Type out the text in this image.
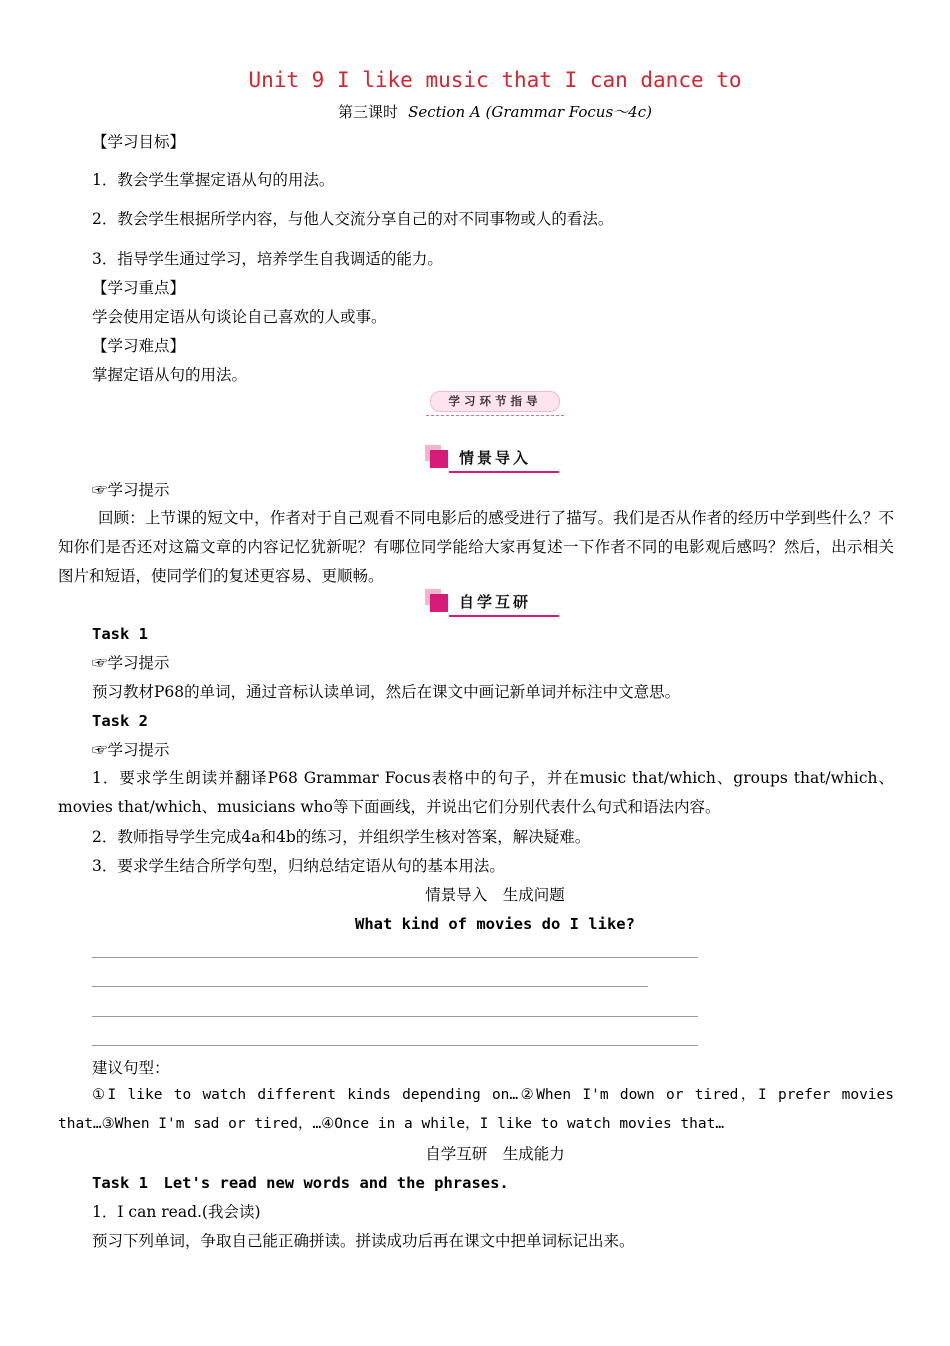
Unit 9 I like music that I can dance to
第三课时 Section A (Grammar Focus～4c)
【学习目标】
1．教会学生掌握定语从句的用法。
2．教会学生根据所学内容，与他人交流分享自己的对不同事物或人的看法。
3．指导学生通过学习，培养学生自我调适的能力。
【学习重点】
学会使用定语从句谈论自己喜欢的人或事。
【学习难点】
掌握定语从句的用法。
学习环节指导
情景导入
☞学习提示
回顾：上节课的短文中，作者对于自己观看不同电影后的感受进行了描写。我们是否从作者的经历中学到些什么？不知你们是否还对这篇文章的内容记忆犹新呢？有哪位同学能给大家再复述一下作者不同的电影观后感吗？然后，出示相关图片和短语，使同学们的复述更容易、更顺畅。
自学互研
Task 1
☞学习提示
预习教材P68的单词，通过音标认读单词，然后在课文中画记新单词并标注中文意思。
Task 2
☞学习提示
1．要求学生朗读并翻译P68 Grammar Focus表格中的句子，并在music that/which、groups that/which、movies that/which、musicians who等下面画线，并说出它们分别代表什么句式和语法内容。
2．教师指导学生完成4a和4b的练习，并组织学生核对答案，解决疑难。
3．要求学生结合所学句型，归纳总结定语从句的基本用法。
情景导入　生成问题
What kind of movies do I like?
建议句型：
①I like to watch different kinds depending on…②When I'm down or tired，I prefer movies that…③When I'm sad or tired，…④Once in a while，I like to watch movies that…
自学互研　生成能力
Task 1　Let's read new words and the phrases.
1．I can read.(我会读)
预习下列单词，争取自己能正确拼读。拼读成功后再在课文中把单词标记出来。
